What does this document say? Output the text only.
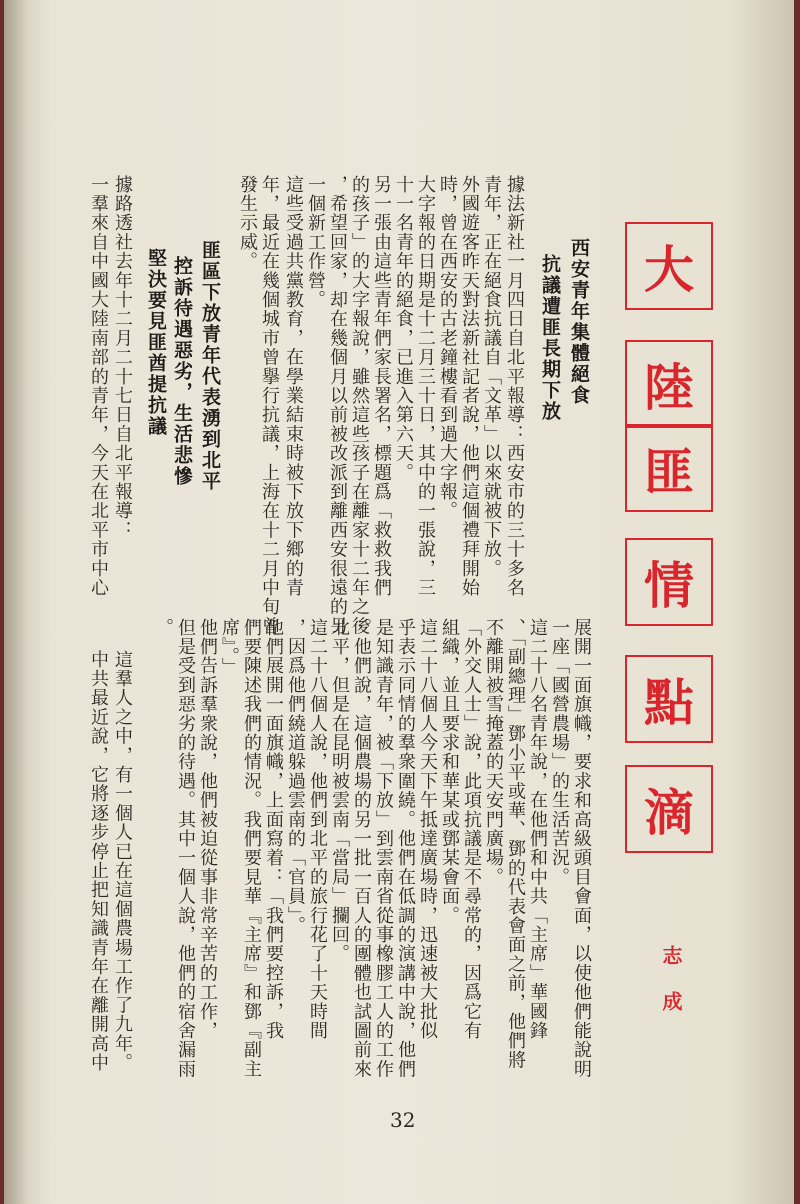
大
陸
匪
情
點
滴
志成
西安青年集體絕食
抗議遭匪長期下放
據法新社一月四日自北平報導：西安市的三十多名
青年，正在絕食抗議自「文革」以來就被下放。
外國遊客昨天對法新社記者說，他們這個禮拜開始
時，曾在西安的古老鐘樓看到過大字報。
大字報的日期是十二月三十日，其中的一張說，三
十一名青年的絕食，已進入第六天。
另一張由這些青年們家長署名，標題爲「救救我們
的孩子」的大字報說，雖然這些孩子在離家十二年之後
，希望回家，却在幾個月以前被改派到離西安很遠的另
一個新工作營。
這些受過共黨教育，在學業結束時被下放下鄉的青
年，最近在幾個城市曾擧行抗議，上海在十二月中旬曾
發生示威。
匪區下放青年代表湧到北平
控訴待遇惡劣，生活悲慘
堅決要見匪酋提抗議
據路透社去年十二月二十七日自北平報導：
一羣來自中國大陸南部的青年，今天在北平市中心
展開一面旗幟，要求和高級頭目會面，以使他們能說明
一座「國營農場」的生活苦況。
這二十八名青年說，在他們和中共「主席」華國鋒
、「副總理」鄧小平或華、鄧的代表會面之前，他們將
不離開被雪掩蓋的天安門廣場。
「外交人士」說，此項抗議是不尋常的，因爲它有
組織，並且要求和華某或鄧某會面。
這二十八個人今天下午抵達廣場時，迅速被大批似
乎表示同情的羣衆圍繞。他們在低調的演講中說，他們
是知識青年，被「下放」到雲南省從事橡膠工人的工作
。他們說，這個農場的另一批一百人的團體也試圖前來
北平，但是在昆明被雲南「當局」攔回。
這二十八個人說，他們到北平的旅行花了十天時間
，因爲他們繞道躲過雲南的「官員」。
他們展開一面旗幟，上面寫着：「我們要控訴，我
們要陳述我們的情況。我們要見華『主席』和鄧『副主
席』。」
他們告訴羣衆說，他們被迫從事非常辛苦的工作，
但是受到惡劣的待遇。其中一個人說，他們的宿舍漏雨
。
這羣人之中，有一個人已在這個農場工作了九年。
中共最近說，它將逐步停止把知識青年在離開高中
32
